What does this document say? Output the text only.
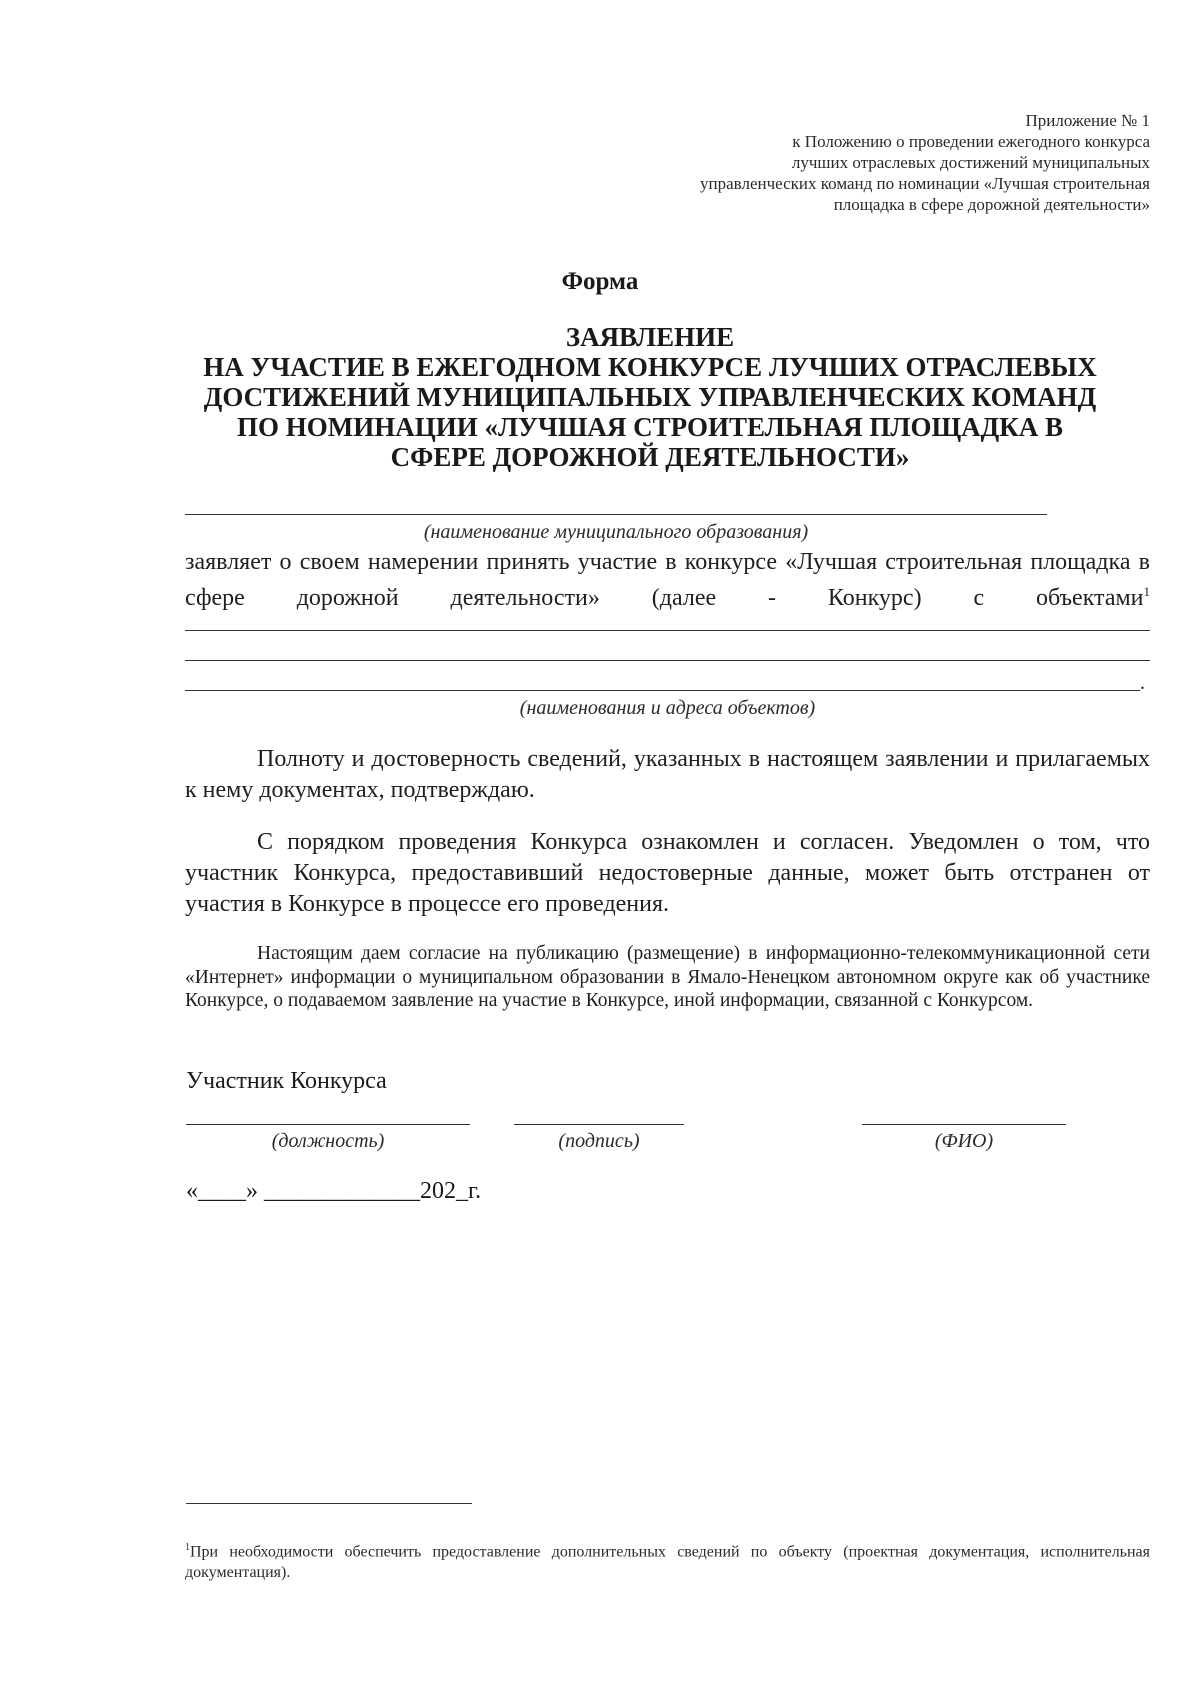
Приложение № 1
к Положению о проведении ежегодного конкурса
лучших отраслевых достижений муниципальных
управленческих команд по номинации «Лучшая строительная
площадка в сфере дорожной деятельности»
Форма
ЗАЯВЛЕНИЕ
НА УЧАСТИЕ В ЕЖЕГОДНОМ КОНКУРСЕ ЛУЧШИХ ОТРАСЛЕВЫХ
ДОСТИЖЕНИЙ МУНИЦИПАЛЬНЫХ УПРАВЛЕНЧЕСКИХ КОМАНД
ПО НОМИНАЦИИ «ЛУЧШАЯ СТРОИТЕЛЬНАЯ ПЛОЩАДКА В
СФЕРЕ ДОРОЖНОЙ ДЕЯТЕЛЬНОСТИ»
(наименование муниципального образования)
заявляет о своем намерении принять участие в конкурсе «Лучшая строительная площадка в сфере дорожной деятельности» (далее - Конкурс) с объектами$^1$
.
(наименования и адреса объектов)
Полноту и достоверность сведений, указанных в настоящем заявлении и прилагаемых к нему документах, подтверждаю.
С порядком проведения Конкурса ознакомлен и согласен. Уведомлен о том, что участник Конкурса, предоставивший недостоверные данные, может быть отстранен от участия в Конкурсе в процессе его проведения.
Настоящим даем согласие на публикацию (размещение) в информационно-телекоммуникационной сети «Интернет» информации о муниципальном образовании в Ямало-Ненецком автономном округе как об участнике Конкурсе, о подаваемом заявление на участие в Конкурсе, иной информации, связанной с Конкурсом.
Участник Конкурса
(должность)	(подпись)	(ФИО)
«____» _____________202_г.
$^1$При необходимости обеспечить предоставление дополнительных сведений по объекту (проектная документация, исполнительная документация).
